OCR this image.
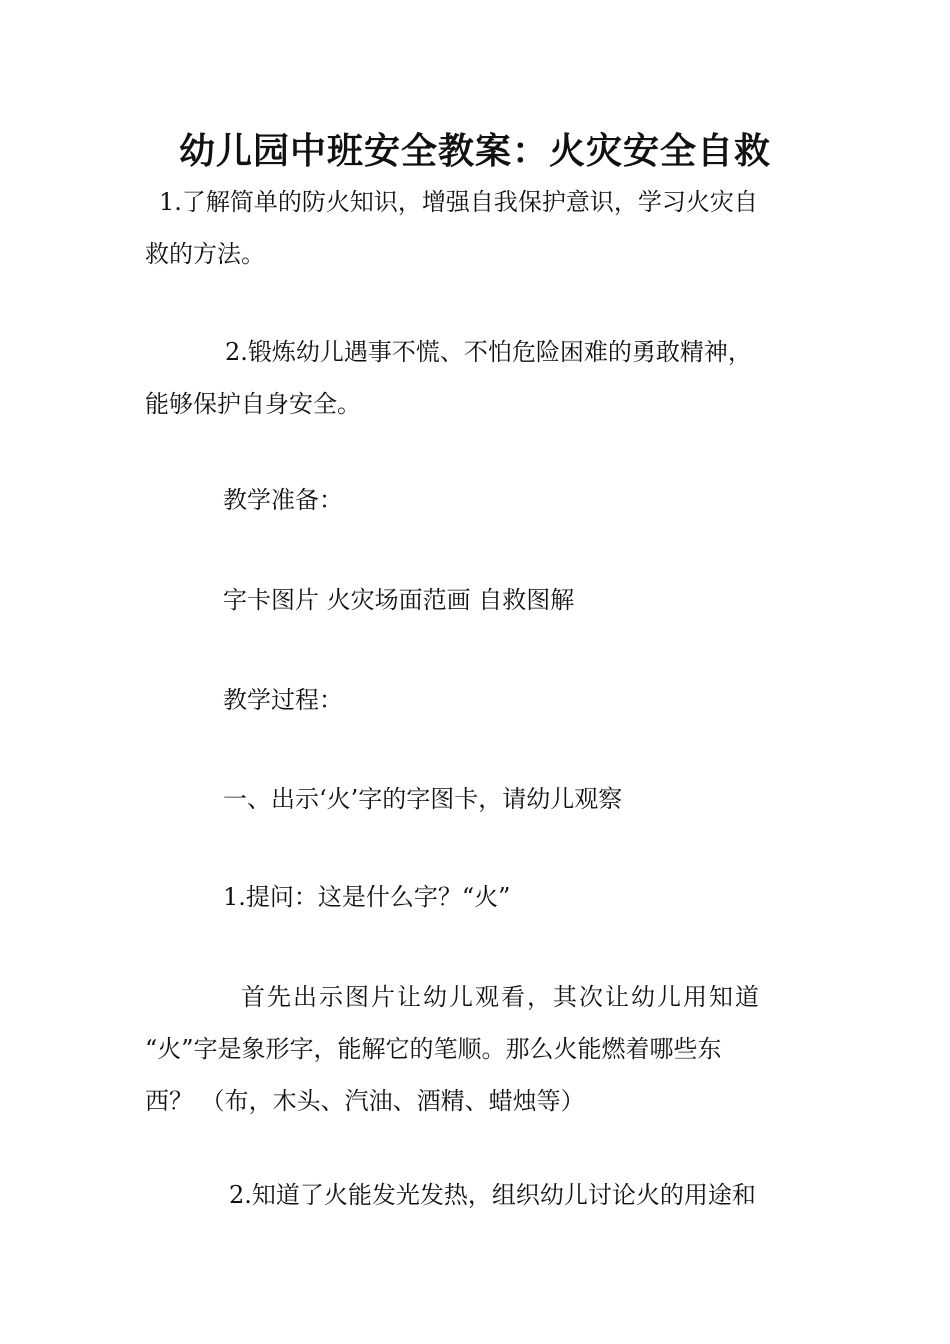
幼儿园中班安全教案：火灾安全自救
1.了解简单的防火知识，增强自我保护意识，学习火灾自
救的方法。
2.锻炼幼儿遇事不慌、不怕危险困难的勇敢精神，
能够保护自身安全。
教学准备：
字卡图片 火灾场面范画 自救图解
教学过程：
一、出示‘火’字的字图卡，请幼儿观察
1.提问：这是什么字？“火”
首先出示图片让幼儿观看，其次让幼儿用知道
“火”字是象形字，能解它的笔顺。那么火能燃着哪些东
西？ （布，木头、汽油、酒精、蜡烛等）
2.知道了火能发光发热，组织幼儿讨论火的用途和
